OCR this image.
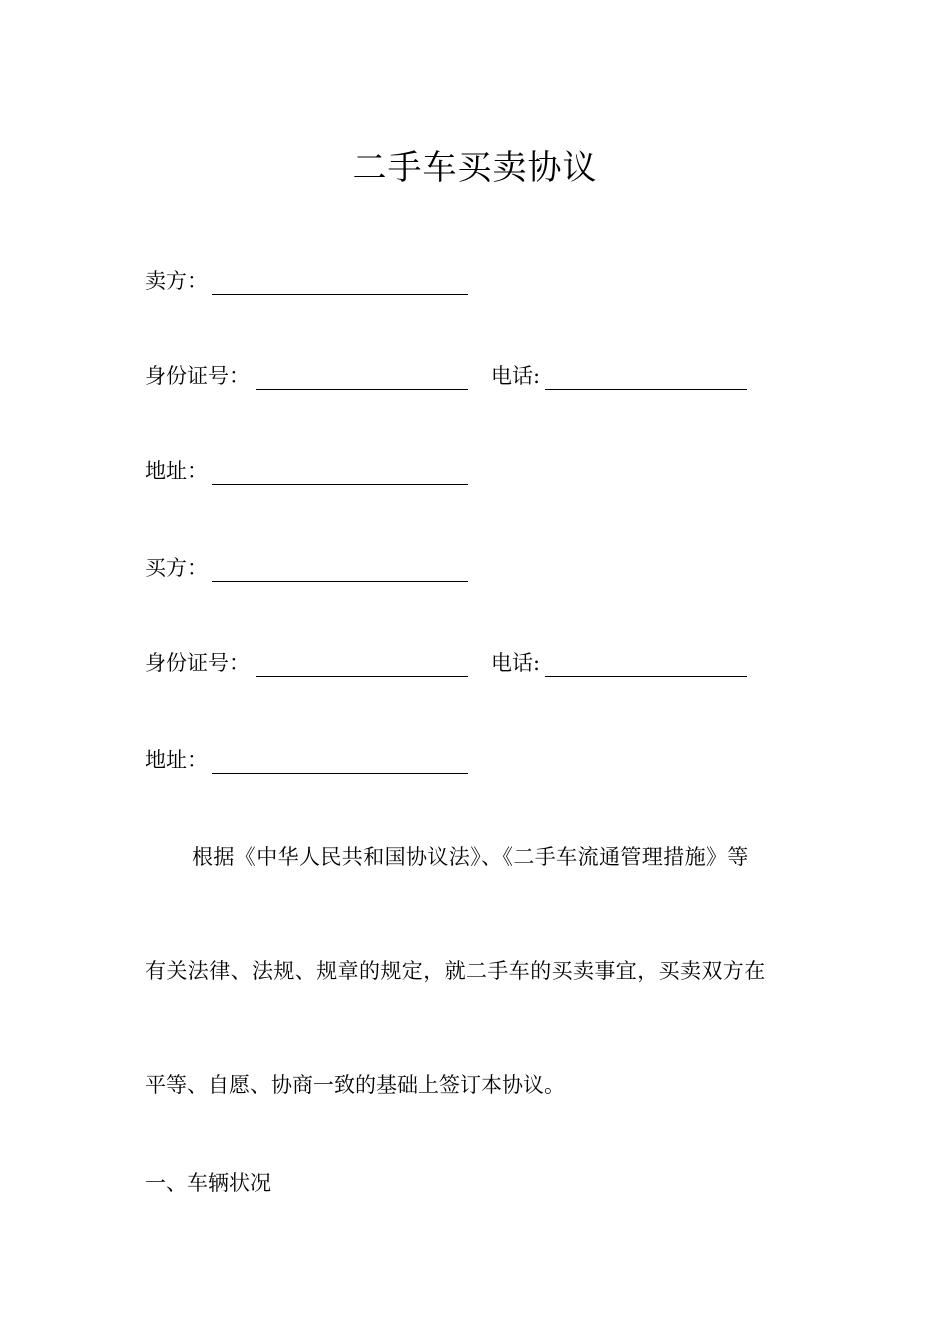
二手车买卖协议
卖方：
身份证号：	电话:
地址：
买方：
身份证号：	电话:
地址：
根据《中华人民共和国协议法》、《二手车流通管理措施》等
有关法律、法规、规章的规定，就二手车的买卖事宜，买卖双方在
平等、自愿、协商一致的基础上签订本协议。
一、车辆状况
